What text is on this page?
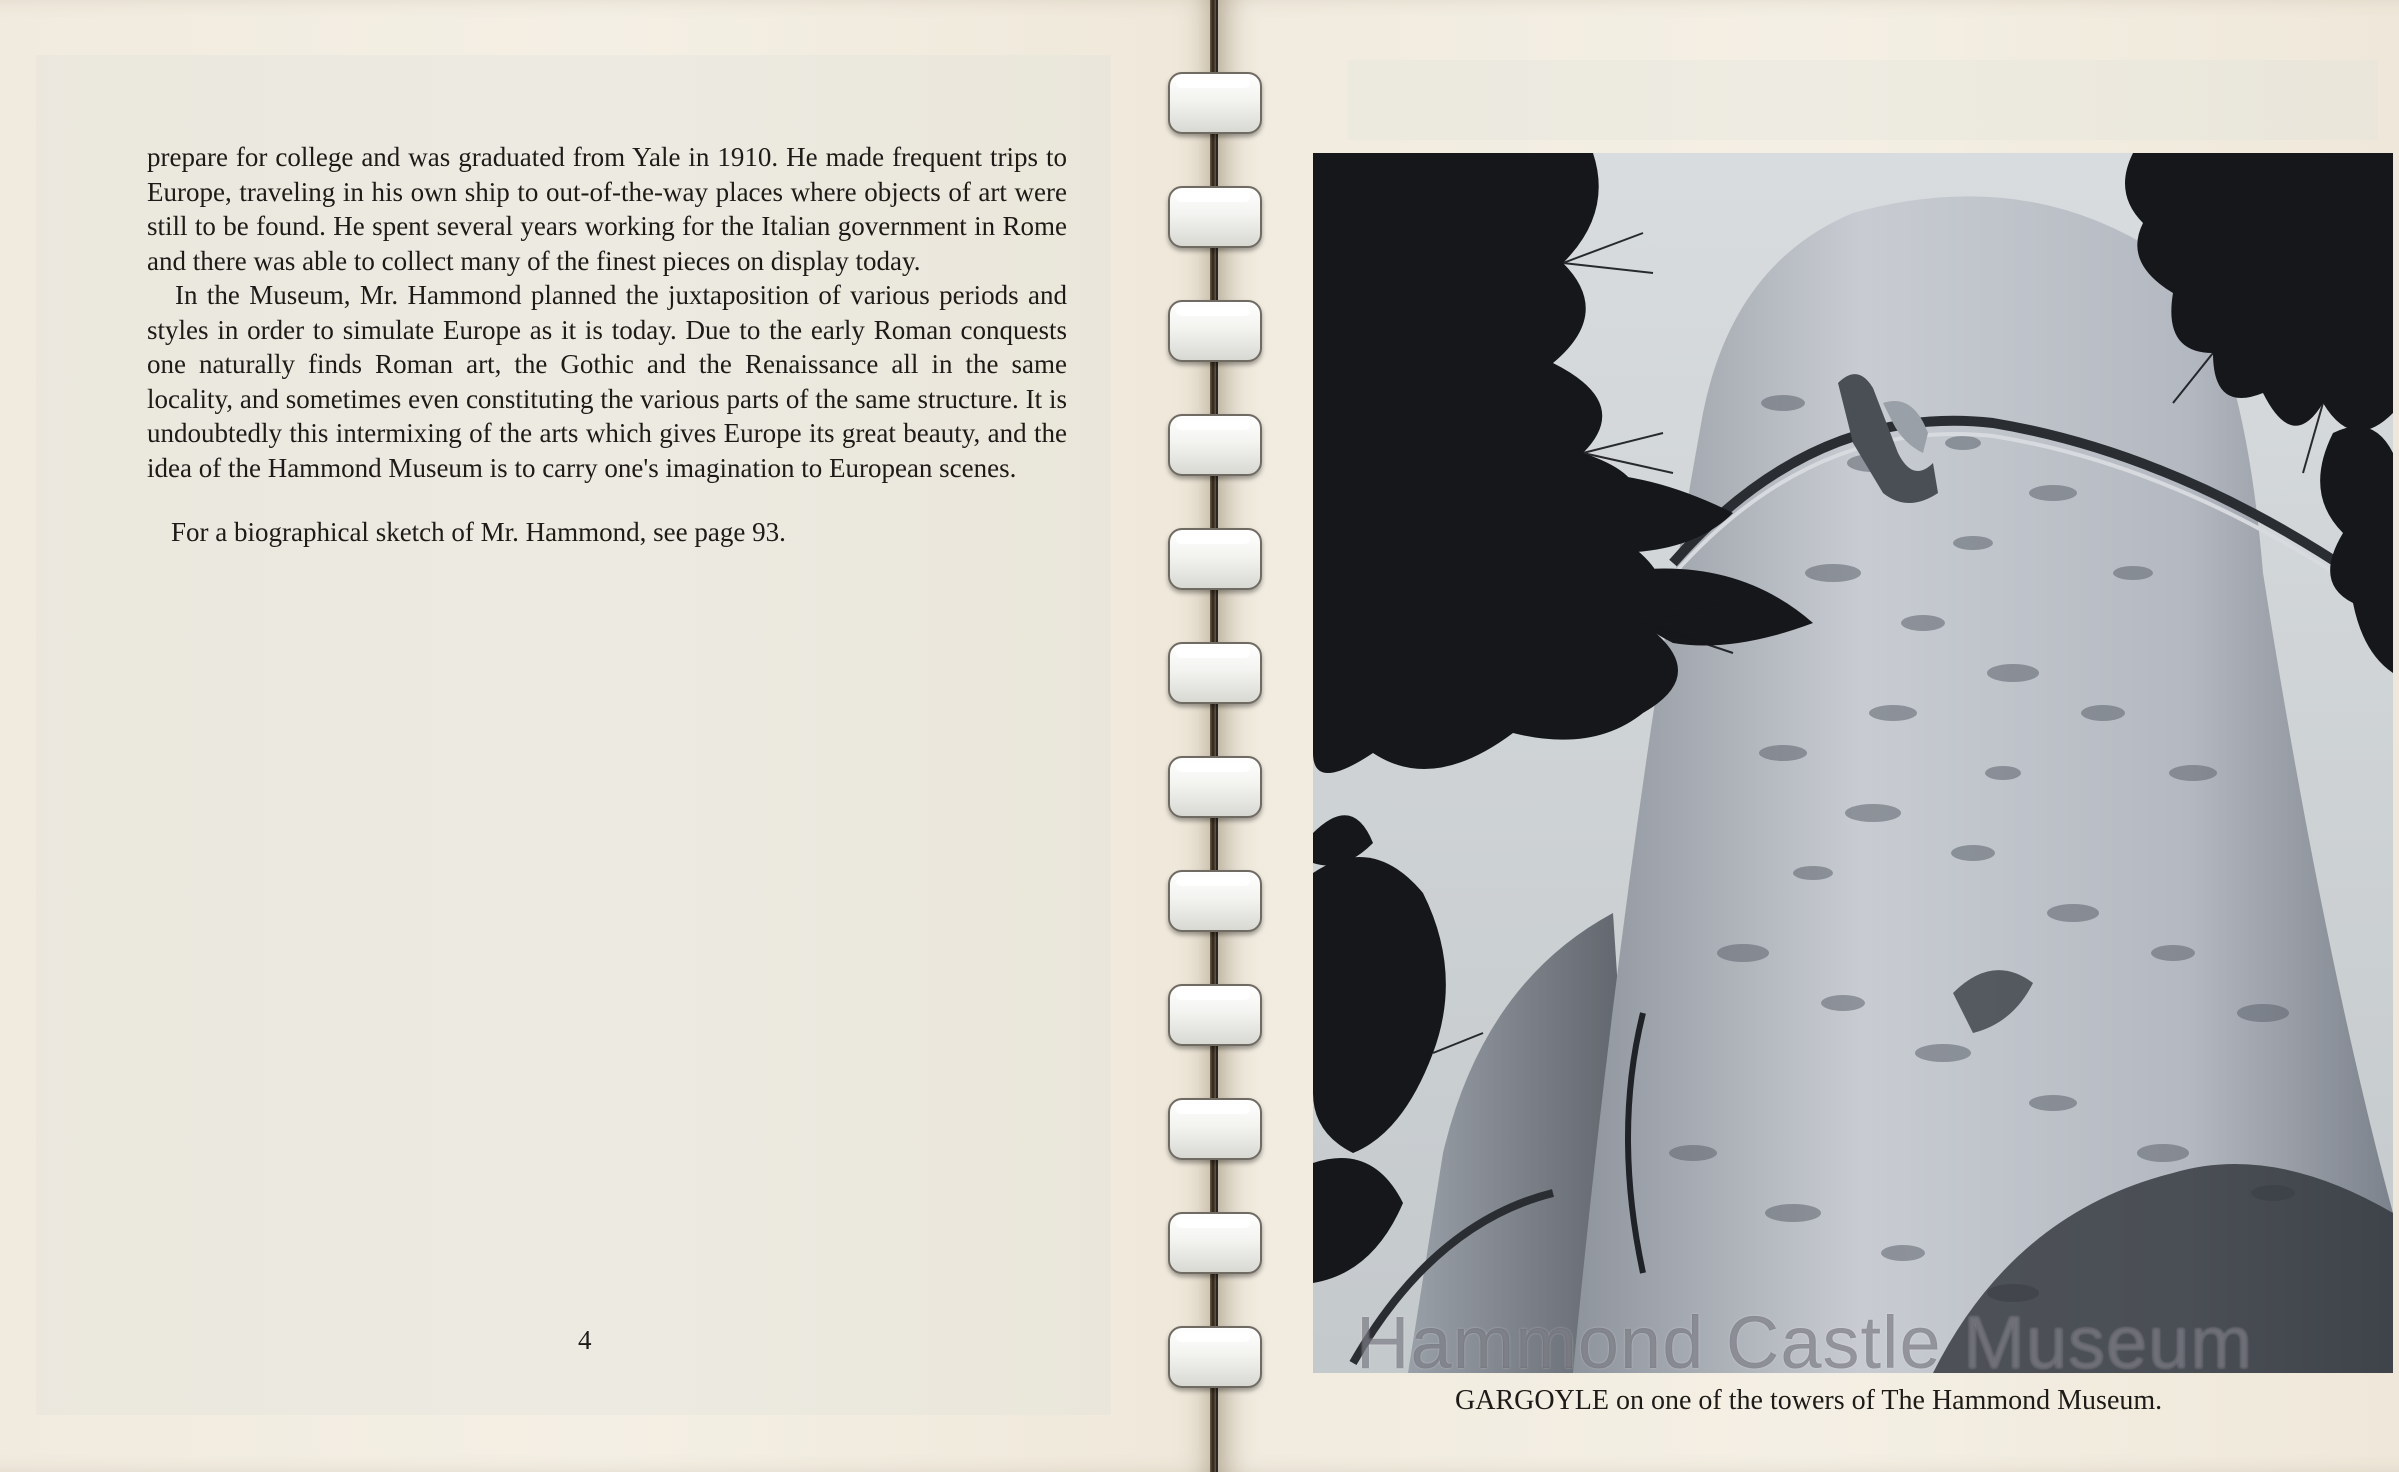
prepare for college and was graduated from Yale in 1910. He made frequent trips to Europe, traveling in his own ship to out-of-the-way places where objects of art were still to be found. He spent several years working for the Italian government in Rome and there was able to collect many of the finest pieces on display today.

In the Museum, Mr. Hammond planned the juxtaposition of various periods and styles in order to simulate Europe as it is today. Due to the early Roman conquests one naturally finds Roman art, the Gothic and the Renaissance all in the same locality, and sometimes even constituting the various parts of the same structure. It is undoubtedly this intermixing of the arts which gives Europe its great beauty, and the idea of the Hammond Museum is to carry one's imagination to European scenes.

For a biographical sketch of Mr. Hammond, see page 93.

4	Hammond Castle Museum
GARGOYLE on one of the towers of The Hammond Museum.
